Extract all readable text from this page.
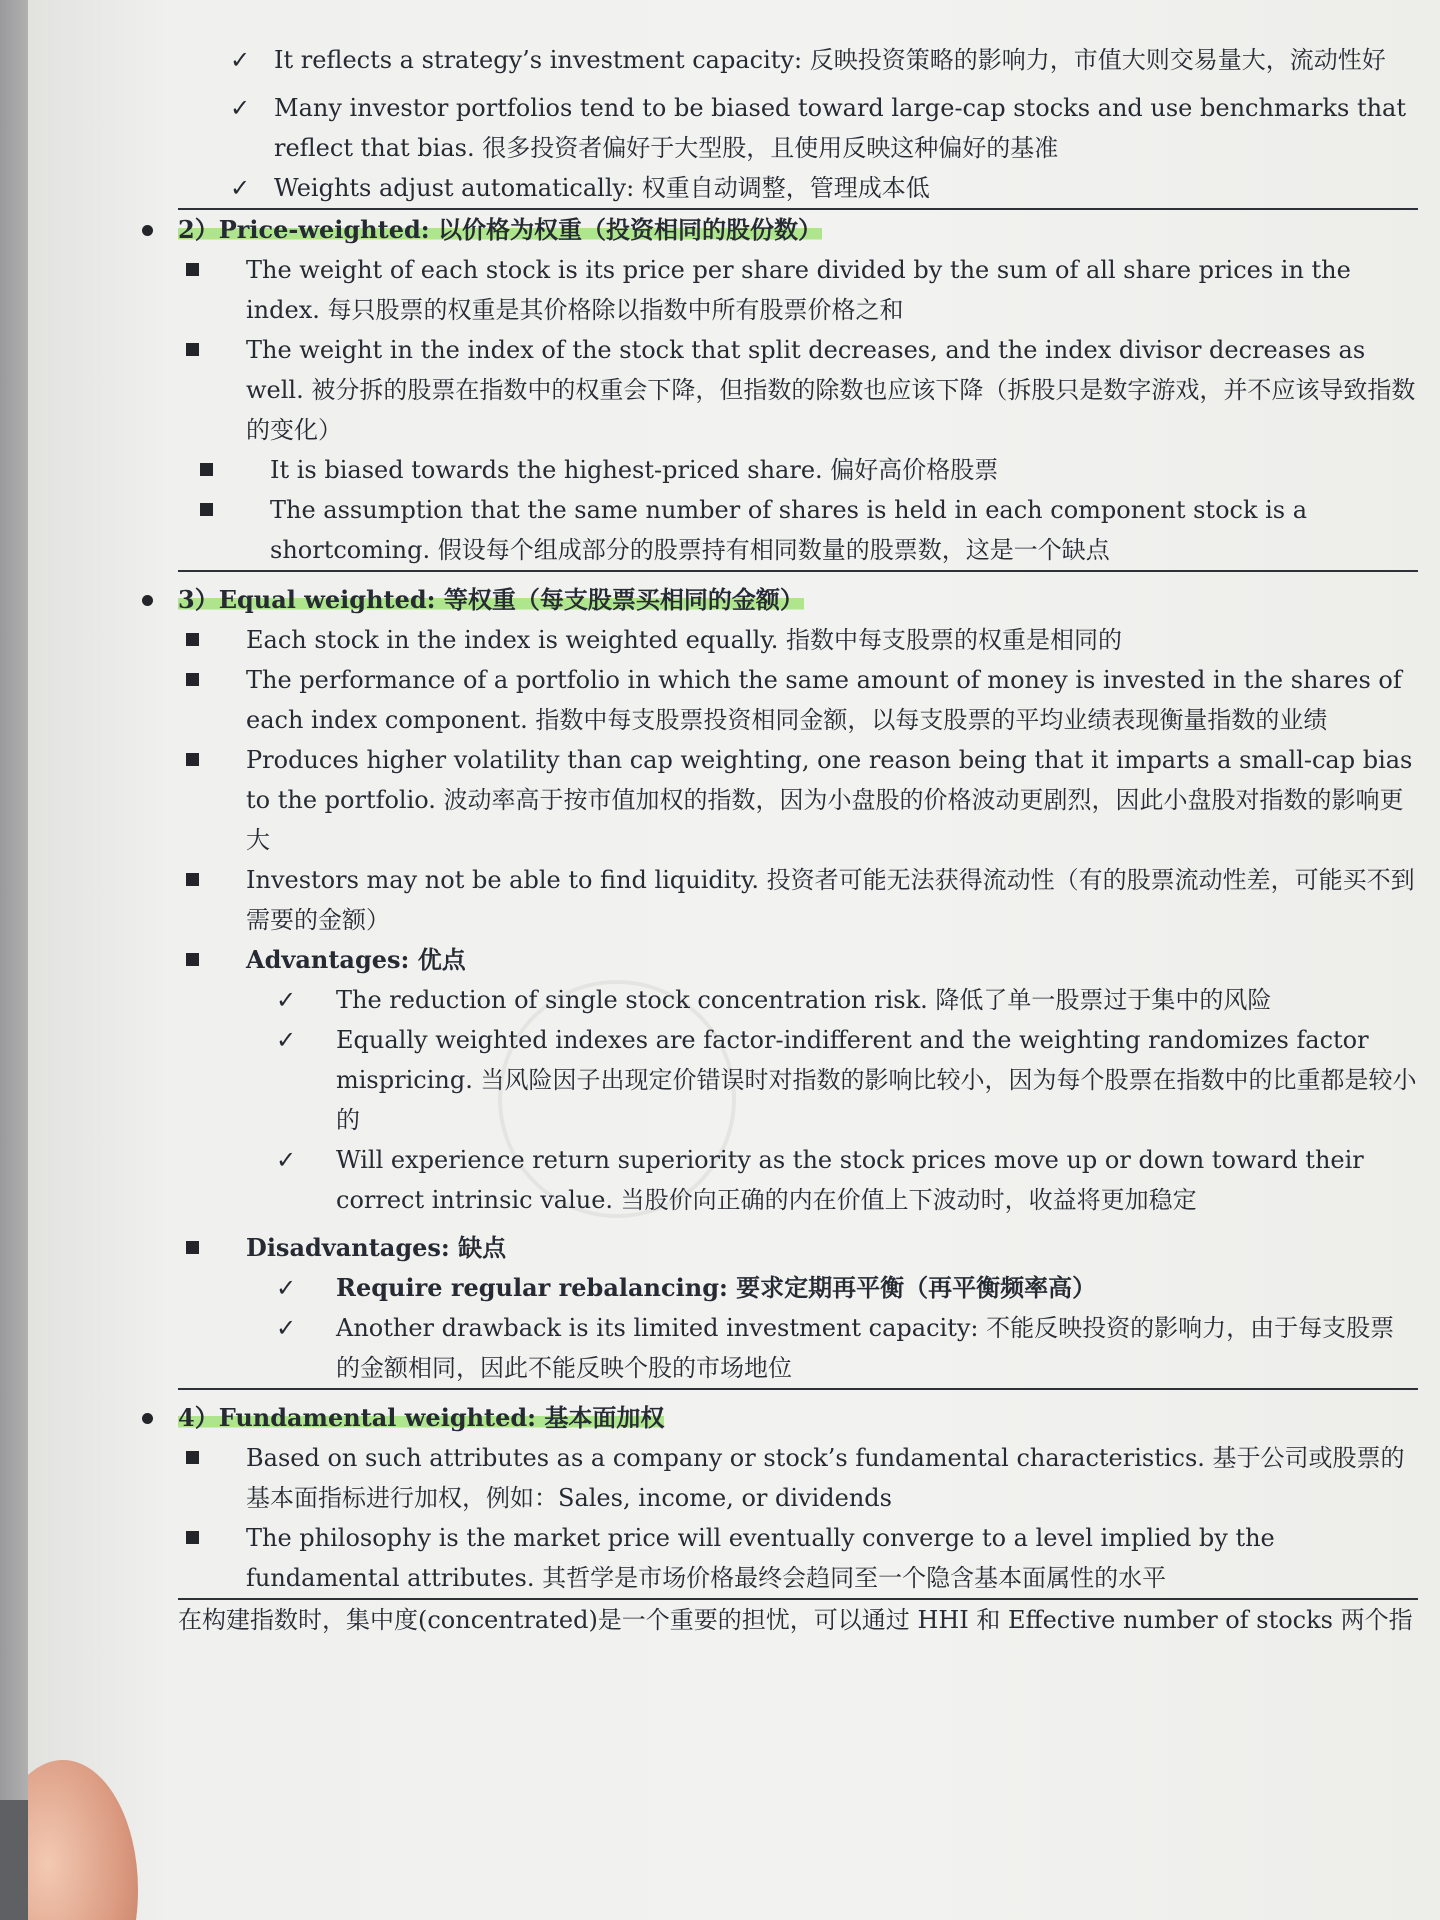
✓ It reflects a strategy’s investment capacity: 反映投资策略的影响力，市值大则交易量大，流动性好
✓ Many investor portfolios tend to be biased toward large-cap stocks and use benchmarks that reflect that bias. 很多投资者偏好于大型股，且使用反映这种偏好的基准
✓ Weights adjust automatically: 权重自动调整，管理成本低
2）Price-weighted: 以价格为权重（投资相同的股份数）
The weight of each stock is its price per share divided by the sum of all share prices in the index. 每只股票的权重是其价格除以指数中所有股票价格之和
The weight in the index of the stock that split decreases, and the index divisor decreases as well. 被分拆的股票在指数中的权重会下降，但指数的除数也应该下降（拆股只是数字游戏，并不应该导致指数的变化）
It is biased towards the highest-priced share. 偏好高价格股票
The assumption that the same number of shares is held in each component stock is a shortcoming. 假设每个组成部分的股票持有相同数量的股票数，这是一个缺点
3）Equal weighted: 等权重（每支股票买相同的金额）
Each stock in the index is weighted equally. 指数中每支股票的权重是相同的
The performance of a portfolio in which the same amount of money is invested in the shares of each index component. 指数中每支股票投资相同金额，以每支股票的平均业绩表现衡量指数的业绩
Produces higher volatility than cap weighting, one reason being that it imparts a small-cap bias to the portfolio. 波动率高于按市值加权的指数，因为小盘股的价格波动更剧烈，因此小盘股对指数的影响更大
Investors may not be able to find liquidity. 投资者可能无法获得流动性（有的股票流动性差，可能买不到需要的金额）
Advantages: 优点
✓	The reduction of single stock concentration risk. 降低了单一股票过于集中的风险
✓	Equally weighted indexes are factor-indifferent and the weighting randomizes factor mispricing. 当风险因子出现定价错误时对指数的影响比较小，因为每个股票在指数中的比重都是较小的
✓	Will experience return superiority as the stock prices move up or down toward their correct intrinsic value. 当股价向正确的内在价值上下波动时，收益将更加稳定
Disadvantages: 缺点
✓	Require regular rebalancing: 要求定期再平衡（再平衡频率高）
✓	Another drawback is its limited investment capacity: 不能反映投资的影响力，由于每支股票的金额相同，因此不能反映个股的市场地位
4）Fundamental weighted: 基本面加权
Based on such attributes as a company or stock’s fundamental characteristics. 基于公司或股票的基本面指标进行加权，例如：Sales, income, or dividends
The philosophy is the market price will eventually converge to a level implied by the fundamental attributes. 其哲学是市场价格最终会趋同至一个隐含基本面属性的水平
在构建指数时，集中度(concentrated)是一个重要的担忧，可以通过 HHI 和 Effective number of stocks 两个指
